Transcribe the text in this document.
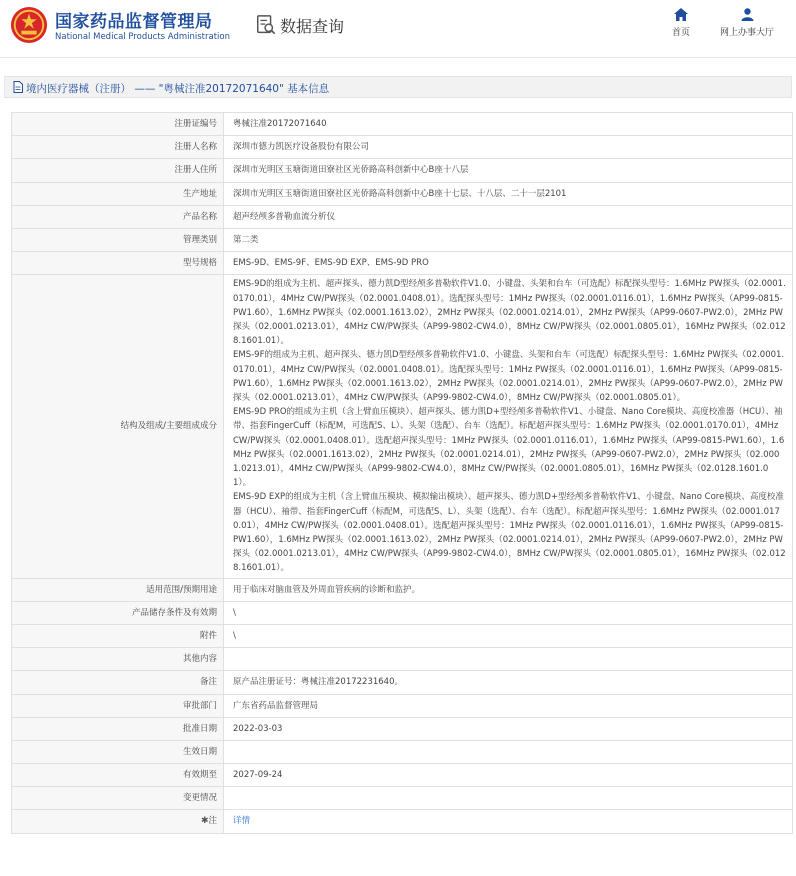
国家药品监督管理局
National Medical Products Administration
数据查询	首页	网上办事大厅
境内医疗器械（注册） —— "粤械注准20172071640" 基本信息
注册证编号	粤械注准20172071640
注册人名称	深圳市德力凯医疗设备股份有限公司
注册人住所	深圳市光明区玉塘街道田寮社区光侨路高科创新中心B座十八层
生产地址	深圳市光明区玉塘街道田寮社区光侨路高科创新中心B座十七层、十八层、二十一层2101
产品名称	超声经颅多普勒血流分析仪
管理类别	第二类
型号规格	EMS-9D、EMS-9F、EMS-9D EXP、EMS-9D PRO
结构及组成/主要组成成分	EMS-9D的组成为主机、超声探头、德力凯D型经颅多普勒软件V1.0、小键盘、头架和台车（可选配）标配探头型号：1.6MHz PW探头（02.0001.0170.01），4MHz CW/PW探头（02.0001.0408.01）。选配探头型号：1MHz PW探头（02.0001.0116.01），1.6MHz PW探头（AP99-0815-PW1.60），1.6MHz PW探头（02.0001.1613.02），2MHz PW探头（02.0001.0214.01），2MHz PW探头（AP99-0607-PW2.0），2MHz PW探头（02.0001.0213.01），4MHz CW/PW探头（AP99-9802-CW4.0），8MHz CW/PW探头（02.0001.0805.01），16MHz PW探头（02.0128.1601.01）。
EMS-9F的组成为主机、超声探头、德力凯D型经颅多普勒软件V1.0、小键盘、头架和台车（可选配）标配探头型号：1.6MHz PW探头（02.0001.0170.01），4MHz CW/PW探头（02.0001.0408.01）。选配探头型号：1MHz PW探头（02.0001.0116.01），1.6MHz PW探头（AP99-0815-PW1.60），1.6MHz PW探头（02.0001.1613.02），2MHz PW探头（02.0001.0214.01），2MHz PW探头（AP99-0607-PW2.0），2MHz PW探头（02.0001.0213.01），4MHz CW/PW探头（AP99-9802-CW4.0），8MHz CW/PW探头（02.0001.0805.01）。
EMS-9D PRO的组成为主机（含上臂血压模块）、超声探头、德力凯D+型经颅多普勒软件V1、小键盘、Nano Core模块、高度校准器（HCU）、袖带、指套FingerCuff（标配M，可选配S、L）、头架（选配）、台车（选配）。标配超声探头型号：1.6MHz PW探头（02.0001.0170.01），4MHz CW/PW探头（02.0001.0408.01）。选配超声探头型号：1MHz PW探头（02.0001.0116.01），1.6MHz PW探头（AP99-0815-PW1.60），1.6MHz PW探头（02.0001.1613.02），2MHz PW探头（02.0001.0214.01），2MHz PW探头（AP99-0607-PW2.0），2MHz PW探头（02.0001.0213.01），4MHz CW/PW探头（AP99-9802-CW4.0），8MHz CW/PW探头（02.0001.0805.01），16MHz PW探头（02.0128.1601.01）。
EMS-9D EXP的组成为主机（含上臂血压模块、模拟输出模块）、超声探头、德力凯D+型经颅多普勒软件V1、小键盘、Nano Core模块、高度校准器（HCU）、袖带、指套FingerCuff（标配M，可选配S、L）、头架（选配）、台车（选配）。标配超声探头型号：1.6MHz PW探头（02.0001.0170.01），4MHz CW/PW探头（02.0001.0408.01）。选配超声探头型号：1MHz PW探头（02.0001.0116.01），1.6MHz PW探头（AP99-0815-PW1.60），1.6MHz PW探头（02.0001.1613.02），2MHz PW探头（02.0001.0214.01），2MHz PW探头（AP99-0607-PW2.0），2MHz PW探头（02.0001.0213.01），4MHz CW/PW探头（AP99-9802-CW4.0），8MHz CW/PW探头（02.0001.0805.01），16MHz PW探头（02.0128.1601.01）。

适用范围/预期用途	用于临床对脑血管及外周血管疾病的诊断和监护。
产品储存条件及有效期	\
附件	\
其他内容	
备注	原产品注册证号：粤械注准20172231640。
审批部门	广东省药品监督管理局
批准日期	2022-03-03
生效日期	
有效期至	2027-09-24
变更情况	
✱注	详情
